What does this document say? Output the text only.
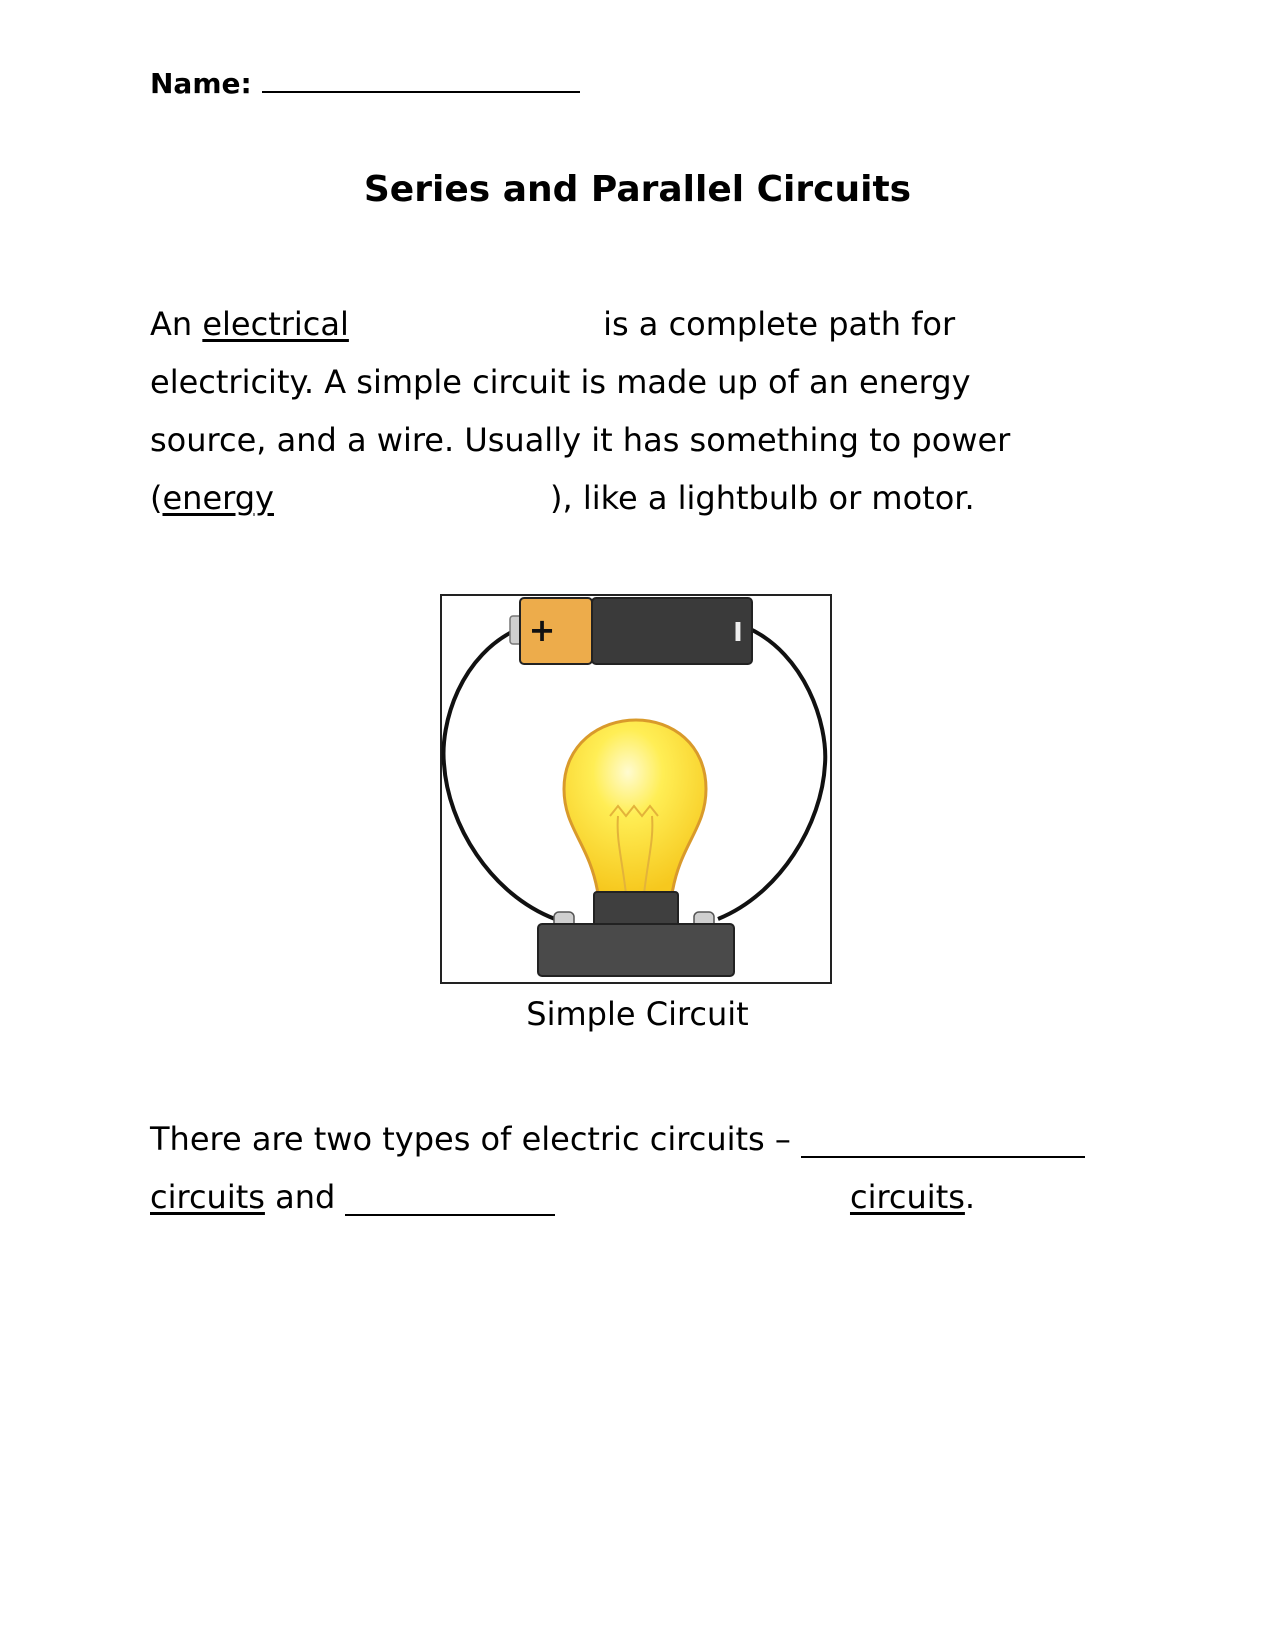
Name:
Series and Parallel Circuits
An electrical	is a complete path for
electricity. A simple circuit is made up of an energy
source, and a wire. Usually it has something to power
(energy	), like a lightbulb or motor.
+	I
Simple Circuit
There are two types of electric circuits –
circuits and	circuits.
